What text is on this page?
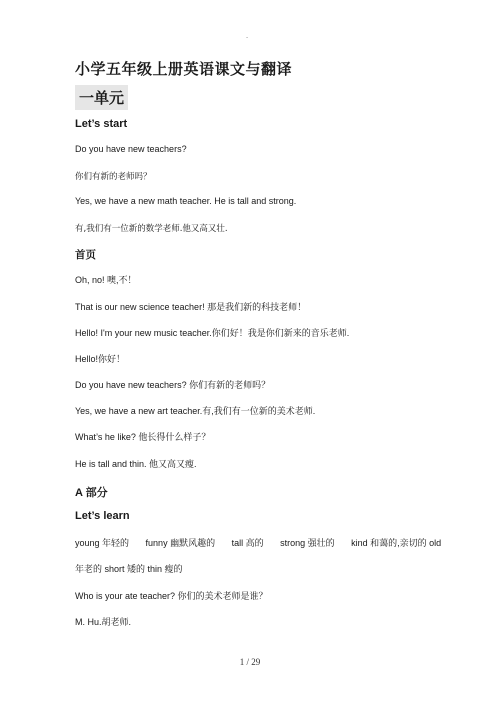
-
小学五年级上册英语课文与翻译
一单元
Let’s start
Do you have new teachers?
你们有新的老师吗？
Yes, we have a new math teacher. He is tall and strong.
有,我们有一位新的数学老师.他又高又壮.
首页
Oh, no! 噢,不！
That is our new science teacher! 那是我们新的科技老师！
Hello! I'm your new music teacher.你们好！我是你们新来的音乐老师.
Hello!你好！
Do you have new teachers? 你们有新的老师吗？
Yes, we have a new art teacher.有,我们有一位新的美术老师.
What’s he like? 他长得什么样子？
He is tall and thin. 他又高又瘦.
A 部分
Let’s learn
young 年轻的 funny 幽默风趣的 tall 高的 strong 强壮的 kind 和蔼的,亲切的 old
年老的 short 矮的 thin 瘦的
Who is your ate teacher? 你们的美术老师是谁？
M. Hu.胡老师.
1 / 29
